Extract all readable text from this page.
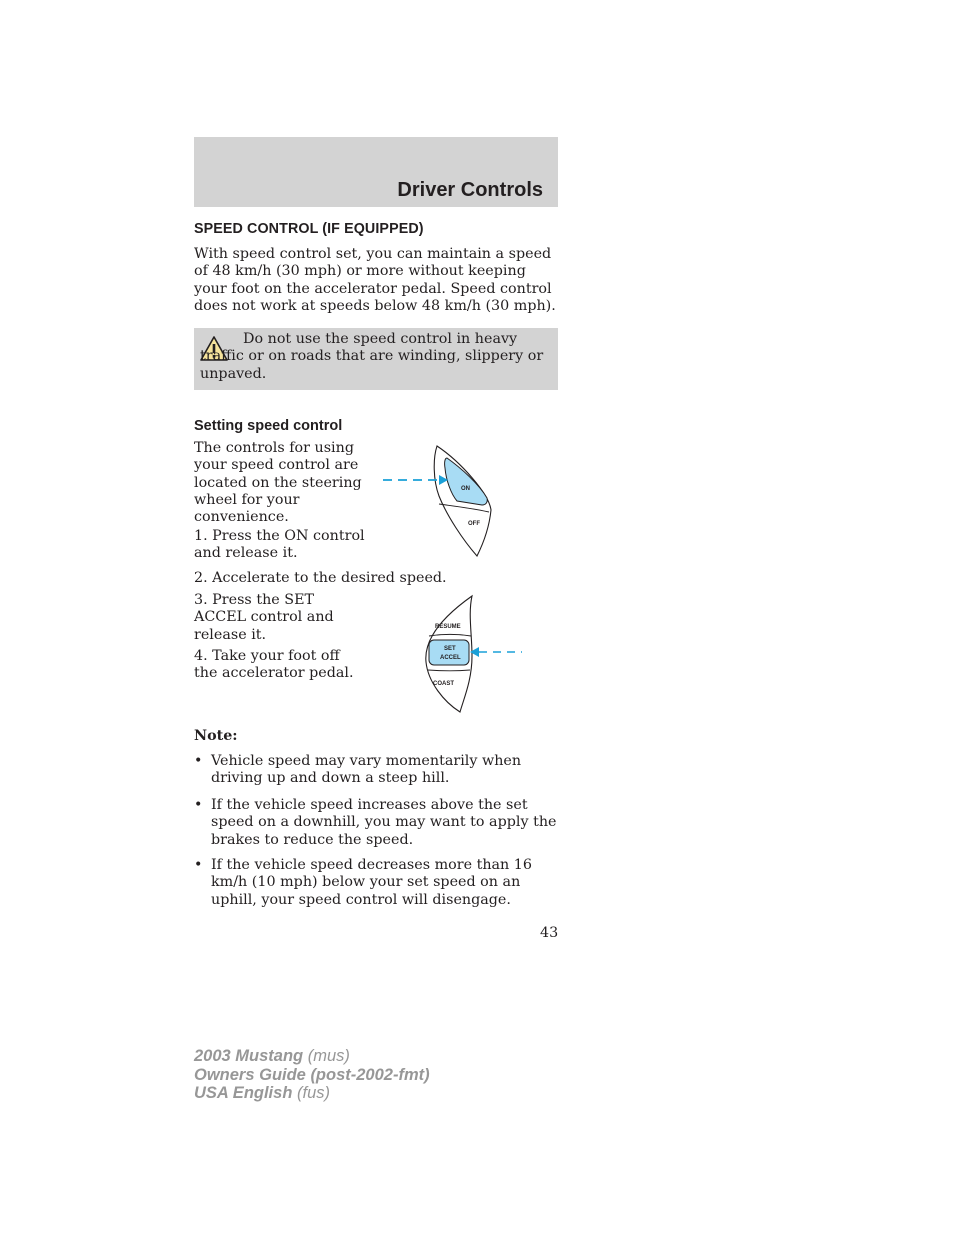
Driver Controls
SPEED CONTROL (IF EQUIPPED)
With speed control set, you can maintain a speed of 48 km/h (30 mph) or more without keeping your foot on the accelerator pedal. Speed control does not work at speeds below 48 km/h (30 mph).
Do not use the speed control in heavy traffic or on roads that are winding, slippery or unpaved.
Setting speed control
The controls for using your speed control are located on the steering wheel for your convenience.
1. Press the ON control and release it.
2. Accelerate to the desired speed.
3. Press the SET ACCEL control and release it.
4. Take your foot off the accelerator pedal.
ON
OFF
RESUME
SET
ACCEL
COAST
Note:
• Vehicle speed may vary momentarily when driving up and down a steep hill.
• If the vehicle speed increases above the set speed on a downhill, you may want to apply the brakes to reduce the speed.
• If the vehicle speed decreases more than 16 km/h (10 mph) below your set speed on an uphill, your speed control will disengage.
43
2003 Mustang (mus)
Owners Guide (post-2002-fmt)
USA English (fus)
